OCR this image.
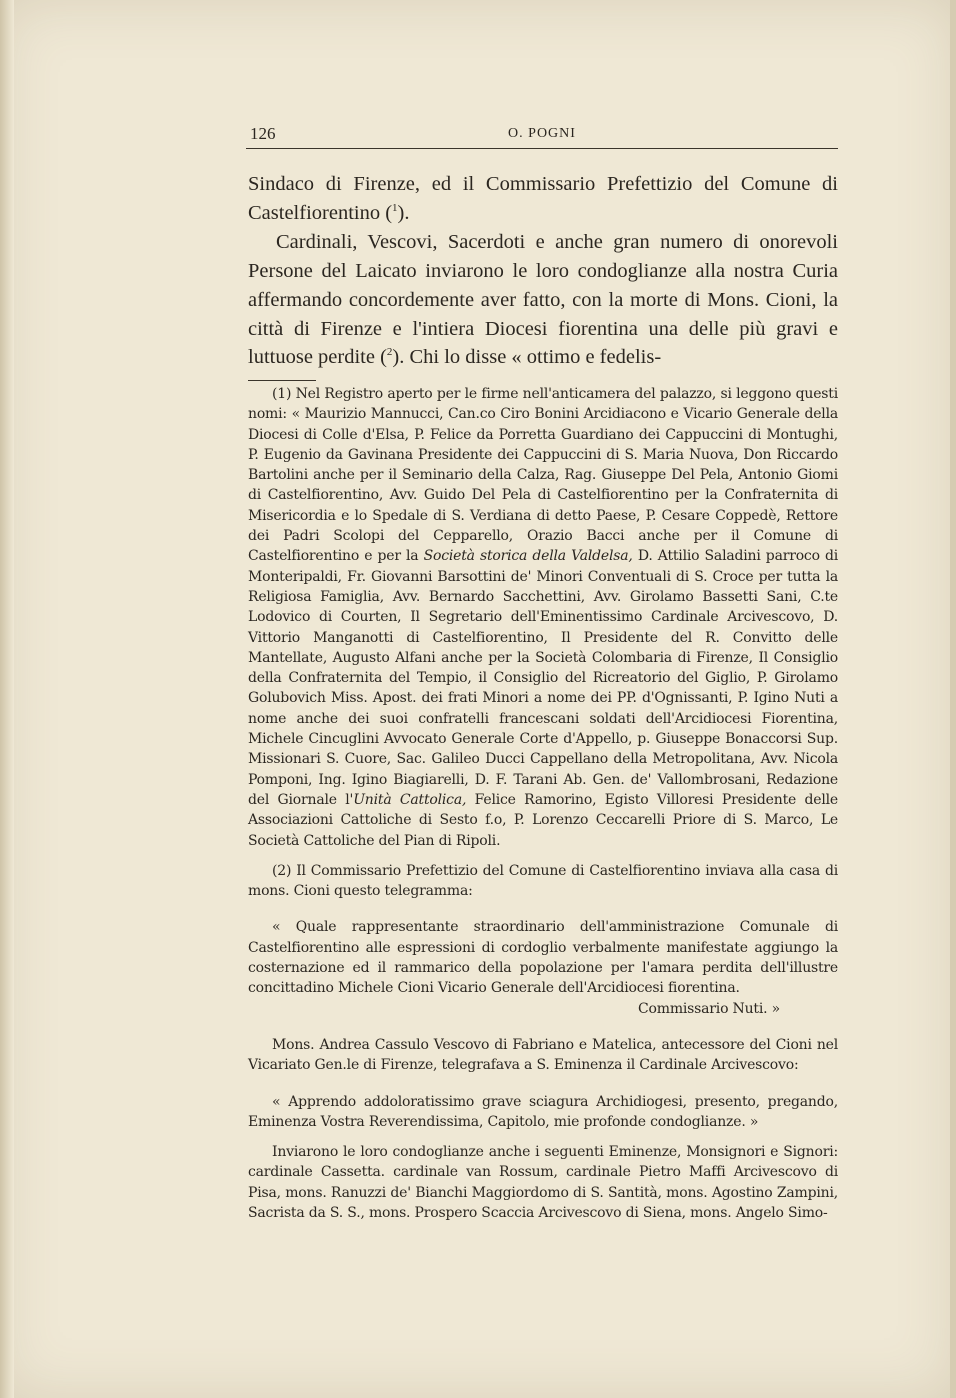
126	O. POGNI

Sindaco di Firenze, ed il Commissario Prefettizio del Comune di Castelfiorentino ($^1$).

Cardinali, Vescovi, Sacerdoti e anche gran numero di onorevoli Persone del Laicato inviarono le loro condoglianze alla nostra Curia affermando concordemente aver fatto, con la morte di Mons. Cioni, la città di Firenze e l'intiera Diocesi fiorentina una delle più gravi e luttuose perdite ($^2$). Chi lo disse « ottimo e fedelis-

(1) Nel Registro aperto per le firme nell'anticamera del palazzo, si leggono questi nomi: « Maurizio Mannucci, Can.co Ciro Bonini Arcidiacono e Vicario Generale della Diocesi di Colle d'Elsa, P. Felice da Porretta Guardiano dei Cappuccini di Montughi, P. Eugenio da Gavinana Presidente dei Cappuccini di S. Maria Nuova, Don Riccardo Bartolini anche per il Seminario della Calza, Rag. Giuseppe Del Pela, Antonio Giomi di Castelfiorentino, Avv. Guido Del Pela di Castelfiorentino per la Confraternita di Misericordia e lo Spedale di S. Verdiana di detto Paese, P. Cesare Coppedè, Rettore dei Padri Scolopi del Cepparello, Orazio Bacci anche per il Comune di Castelfiorentino e per la Società storica della Valdelsa, D. Attilio Saladini parroco di Monteripaldi, Fr. Giovanni Barsottini de' Minori Conventuali di S. Croce per tutta la Religiosa Famiglia, Avv. Bernardo Sacchettini, Avv. Girolamo Bassetti Sani, C.te Lodovico di Courten, Il Segretario dell'Eminentissimo Cardinale Arcivescovo, D. Vittorio Manganotti di Castelfiorentino, Il Presidente del R. Convitto delle Mantellate, Augusto Alfani anche per la Società Colombaria di Firenze, Il Consiglio della Confraternita del Tempio, il Consiglio del Ricreatorio del Giglio, P. Girolamo Golubovich Miss. Apost. dei frati Minori a nome dei PP. d'Ognissanti, P. Igino Nuti a nome anche dei suoi confratelli francescani soldati dell'Arcidiocesi Fiorentina, Michele Cincuglini Avvocato Generale Corte d'Appello, p. Giuseppe Bonaccorsi Sup. Missionari S. Cuore, Sac. Galileo Ducci Cappellano della Metropolitana, Avv. Nicola Pomponi, Ing. Igino Biagiarelli, D. F. Tarani Ab. Gen. de' Vallombrosani, Redazione del Giornale l'Unità Cattolica, Felice Ramorino, Egisto Villoresi Presidente delle Associazioni Cattoliche di Sesto f.o, P. Lorenzo Ceccarelli Priore di S. Marco, Le Società Cattoliche del Pian di Ripoli.

(2) Il Commissario Prefettizio del Comune di Castelfiorentino inviava alla casa di mons. Cioni questo telegramma:

« Quale rappresentante straordinario dell'amministrazione Comunale di Castelfiorentino alle espressioni di cordoglio verbalmente manifestate aggiungo la costernazione ed il rammarico della popolazione per l'amara perdita dell'illustre concittadino Michele Cioni Vicario Generale dell'Arcidiocesi fiorentina.

Commissario Nuti. »

Mons. Andrea Cassulo Vescovo di Fabriano e Matelica, antecessore del Cioni nel Vicariato Gen.le di Firenze, telegrafava a S. Eminenza il Cardinale Arcivescovo:

« Apprendo addoloratissimo grave sciagura Archidiogesi, presento, pregando, Eminenza Vostra Reverendissima, Capitolo, mie profonde condoglianze. »

Inviarono le loro condoglianze anche i seguenti Eminenze, Monsignori e Signori: cardinale Cassetta. cardinale van Rossum, cardinale Pietro Maffi Arcivescovo di Pisa, mons. Ranuzzi de' Bianchi Maggiordomo di S. Santità, mons. Agostino Zampini, Sacrista da S. S., mons. Prospero Scaccia Arcivescovo di Siena, mons. Angelo Simo-
